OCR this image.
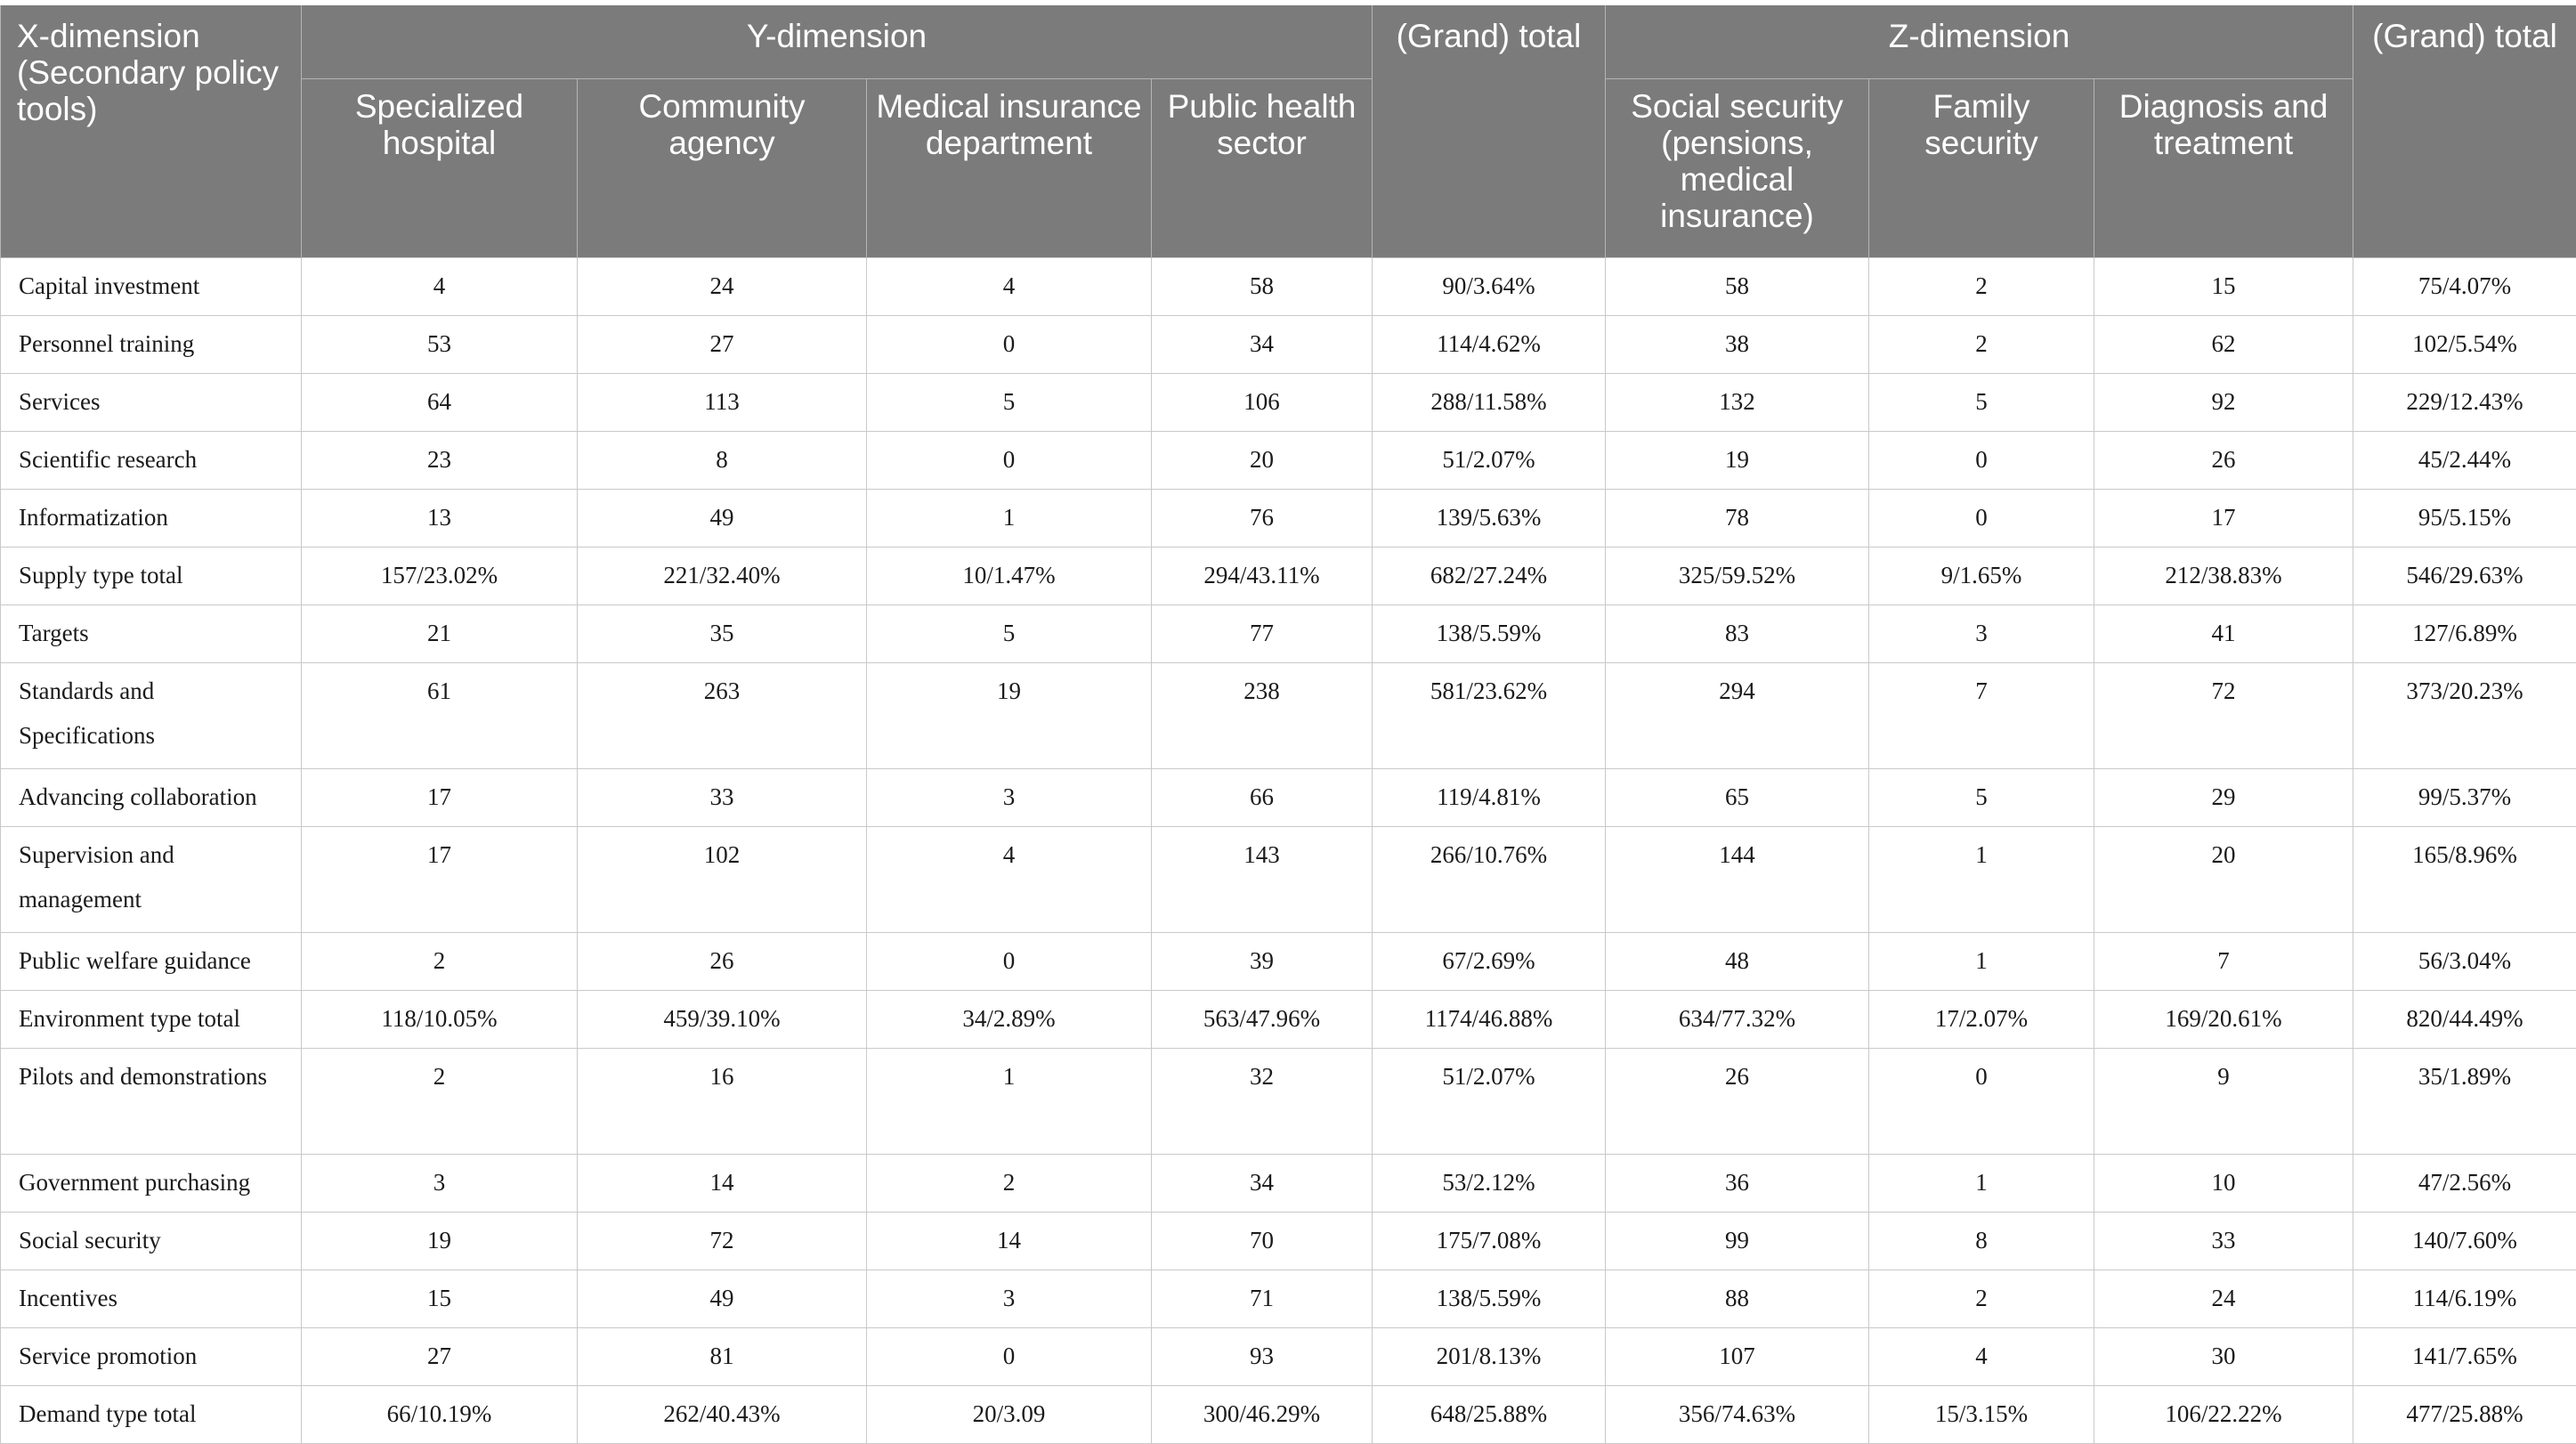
X-dimension (Secondary policy tools)	Y-dimension				(Grand) total	Z-dimension			(Grand) total
	Specialized hospital	Community agency	Medical insurance department	Public health sector		Social security (pensions, medical insurance)	Family security	Diagnosis and treatment	
Capital investment	4	24	4	58	90/3.64%	58	2	15	75/4.07%
Personnel training	53	27	0	34	114/4.62%	38	2	62	102/5.54%
Services	64	113	5	106	288/11.58%	132	5	92	229/12.43%
Scientific research	23	8	0	20	51/2.07%	19	0	26	45/2.44%
Informatization	13	49	1	76	139/5.63%	78	0	17	95/5.15%
Supply type total	157/23.02%	221/32.40%	10/1.47%	294/43.11%	682/27.24%	325/59.52%	9/1.65%	212/38.83%	546/29.63%
Targets	21	35	5	77	138/5.59%	83	3	41	127/6.89%
Standards and Specifications	61	263	19	238	581/23.62%	294	7	72	373/20.23%
Advancing collaboration	17	33	3	66	119/4.81%	65	5	29	99/5.37%
Supervision and management	17	102	4	143	266/10.76%	144	1	20	165/8.96%
Public welfare guidance	2	26	0	39	67/2.69%	48	1	7	56/3.04%
Environment type total	118/10.05%	459/39.10%	34/2.89%	563/47.96%	1174/46.88%	634/77.32%	17/2.07%	169/20.61%	820/44.49%
Pilots and demonstrations	2	16	1	32	51/2.07%	26	0	9	35/1.89%
Government purchasing	3	14	2	34	53/2.12%	36	1	10	47/2.56%
Social security	19	72	14	70	175/7.08%	99	8	33	140/7.60%
Incentives	15	49	3	71	138/5.59%	88	2	24	114/6.19%
Service promotion	27	81	0	93	201/8.13%	107	4	30	141/7.65%
Demand type total	66/10.19%	262/40.43%	20/3.09	300/46.29%	648/25.88%	356/74.63%	15/3.15%	106/22.22%	477/25.88%
